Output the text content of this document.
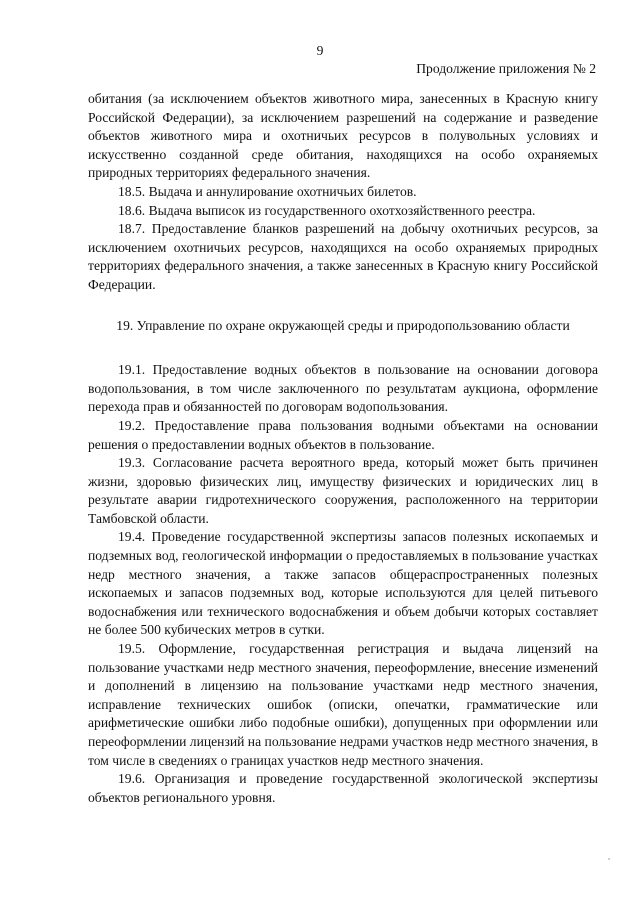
9
Продолжение приложения № 2

обитания (за исключением объектов животного мира, занесенных в Красную книгу Российской Федерации), за исключением разрешений на содержание и разведение объектов животного мира и охотничьих ресурсов в полувольных условиях и искусственно созданной среде обитания, находящихся на особо охраняемых природных территориях федерального значения.

18.5. Выдача и аннулирование охотничьих билетов.

18.6. Выдача выписок из государственного охотхозяйственного реестра.

18.7. Предоставление бланков разрешений на добычу охотничьих ресурсов, за исключением охотничьих ресурсов, находящихся на особо охраняемых природных территориях федерального значения, а также занесенных в Красную книгу Российской Федерации.

19. Управление по охране окружающей среды и природопользованию области

19.1. Предоставление водных объектов в пользование на основании договора водопользования, в том числе заключенного по результатам аукциона, оформление перехода прав и обязанностей по договорам водопользования.

19.2. Предоставление права пользования водными объектами на основании решения о предоставлении водных объектов в пользование.

19.3. Согласование расчета вероятного вреда, который может быть причинен жизни, здоровью физических лиц, имуществу физических и юридических лиц в результате аварии гидротехнического сооружения, расположенного на территории Тамбовской области.

19.4. Проведение государственной экспертизы запасов полезных ископаемых и подземных вод, геологической информации о предоставляемых в пользование участках недр местного значения, а также запасов общераспространенных полезных ископаемых и запасов подземных вод, которые используются для целей питьевого водоснабжения или технического водоснабжения и объем добычи которых составляет не более 500 кубических метров в сутки.

19.5. Оформление, государственная регистрация и выдача лицензий на пользование участками недр местного значения, переоформление, внесение изменений и дополнений в лицензию на пользование участками недр местного значения, исправление технических ошибок (описки, опечатки, грамматические или арифметические ошибки либо подобные ошибки), допущенных при оформлении или переоформлении лицензий на пользование недрами участков недр местного значения, в том числе в сведениях о границах участков недр местного значения.

19.6. Организация и проведение государственной экологической экспертизы объектов регионального уровня.
